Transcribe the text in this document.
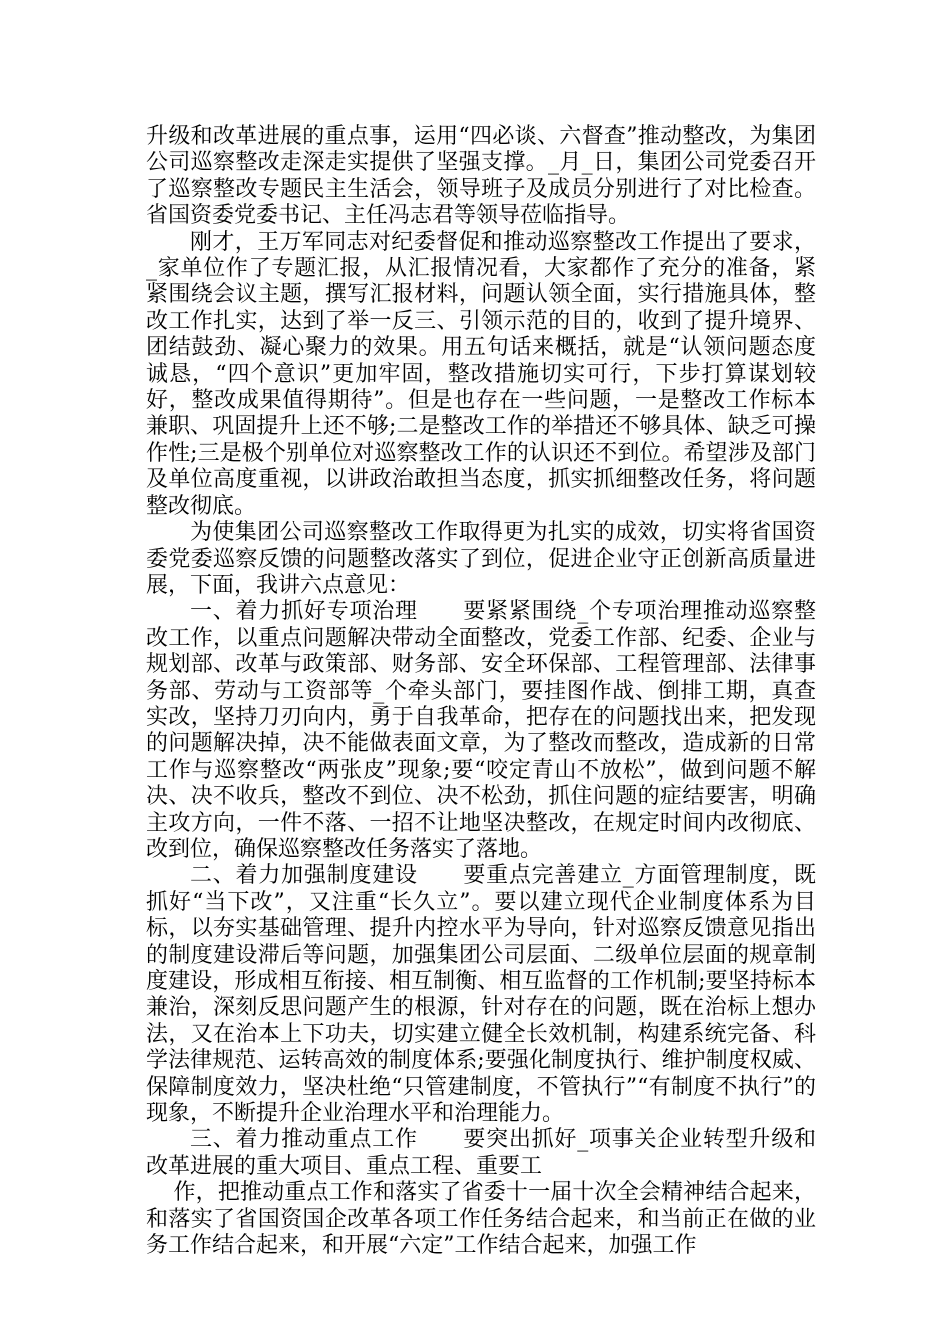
升级和改革进展的重点事，运用“四必谈、六督查”推动整改，为集团公司巡察整改走深走实提供了坚强支撑。_月_日，集团公司党委召开了巡察整改专题民主生活会，领导班子及成员分别进行了对比检查。省国资委党委书记、主任冯志君等领导莅临指导。

刚才，王万军同志对纪委督促和推动巡察整改工作提出了要求，_家单位作了专题汇报，从汇报情况看，大家都作了充分的准备，紧紧围绕会议主题，撰写汇报材料，问题认领全面，实行措施具体，整改工作扎实，达到了举一反三、引领示范的目的，收到了提升境界、团结鼓劲、凝心聚力的效果。用五句话来概括，就是“认领问题态度诚恳，“四个意识”更加牢固，整改措施切实可行，下步打算谋划较好，整改成果值得期待”。但是也存在一些问题，一是整改工作标本兼职、巩固提升上还不够;二是整改工作的举措还不够具体、缺乏可操作性;三是极个别单位对巡察整改工作的认识还不到位。希望涉及部门及单位高度重视，以讲政治敢担当态度，抓实抓细整改任务，将问题整改彻底。

为使集团公司巡察整改工作取得更为扎实的成效，切实将省国资委党委巡察反馈的问题整改落实了到位，促进企业守正创新高质量进展，下面，我讲六点意见：

一、着力抓好专项治理　　要紧紧围绕_个专项治理推动巡察整改工作，以重点问题解决带动全面整改，党委工作部、纪委、企业与规划部、改革与政策部、财务部、安全环保部、工程管理部、法律事务部、劳动与工资部等_个牵头部门，要挂图作战、倒排工期，真查实改，坚持刀刃向内，勇于自我革命，把存在的问题找出来，把发现的问题解决掉，决不能做表面文章，为了整改而整改，造成新的日常工作与巡察整改“两张皮”现象;要“咬定青山不放松”，做到问题不解决、决不收兵，整改不到位、决不松劲，抓住问题的症结要害，明确主攻方向，一件不落、一招不让地坚决整改，在规定时间内改彻底、改到位，确保巡察整改任务落实了落地。

二、着力加强制度建设　　要重点完善建立_方面管理制度，既抓好“当下改”，又注重“长久立”。要以建立现代企业制度体系为目标，以夯实基础管理、提升内控水平为导向，针对巡察反馈意见指出的制度建设滞后等问题，加强集团公司层面、二级单位层面的规章制度建设，形成相互衔接、相互制衡、相互监督的工作机制;要坚持标本兼治，深刻反思问题产生的根源，针对存在的问题，既在治标上想办法，又在治本上下功夫，切实建立健全长效机制，构建系统完备、科学法律规范、运转高效的制度体系;要强化制度执行、维护制度权威、保障制度效力，坚决杜绝“只管建制度，不管执行”“有制度不执行”的现象，不断提升企业治理水平和治理能力。

三、着力推动重点工作　　要突出抓好_项事关企业转型升级和改革进展的重大项目、重点工程、重要工

作，把推动重点工作和落实了省委十一届十次全会精神结合起来，和落实了省国资国企改革各项工作任务结合起来，和当前正在做的业务工作结合起来，和开展“六定”工作结合起来，加强工作
